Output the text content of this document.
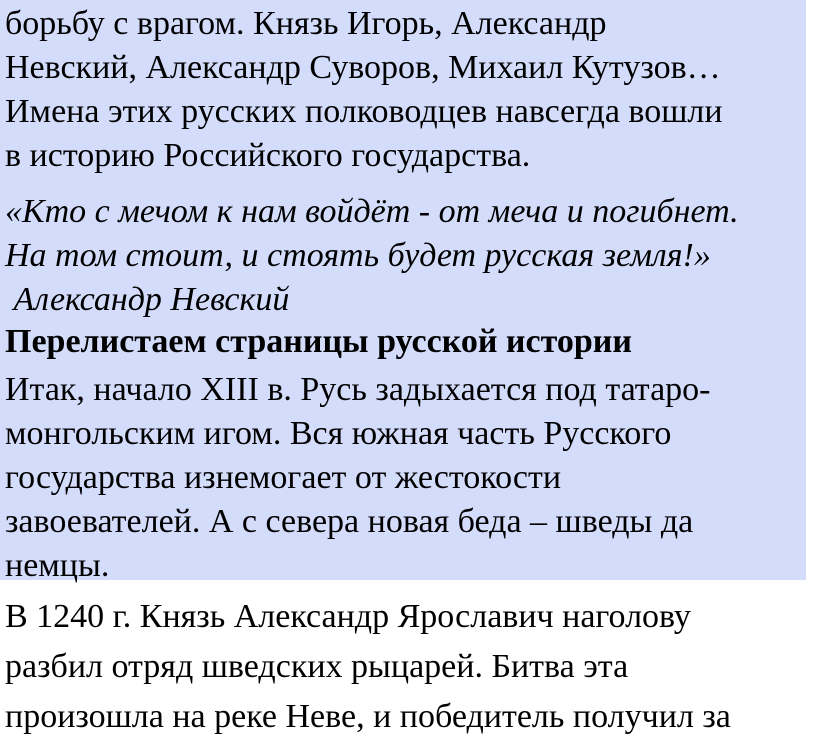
борьбу с врагом. Князь Игорь, Александр
Невский, Александр Суворов, Михаил Кутузов…
Имена этих русских полководцев навсегда вошли
в историю Российского государства.
«Кто с мечом к нам войдёт - от меча и погибнет.
На том стоит, и стоять будет русская земля!»
Александр Невский
Перелистаем страницы русской истории
Итак, начало XIII в. Русь задыхается под татаро-
монгольским игом. Вся южная часть Русского
государства изнемогает от жестокости
завоевателей. А с севера новая беда – шведы да
немцы.
В 1240 г. Князь Александр Ярославич наголову
разбил отряд шведских рыцарей. Битва эта
произошла на реке Неве, и победитель получил за
